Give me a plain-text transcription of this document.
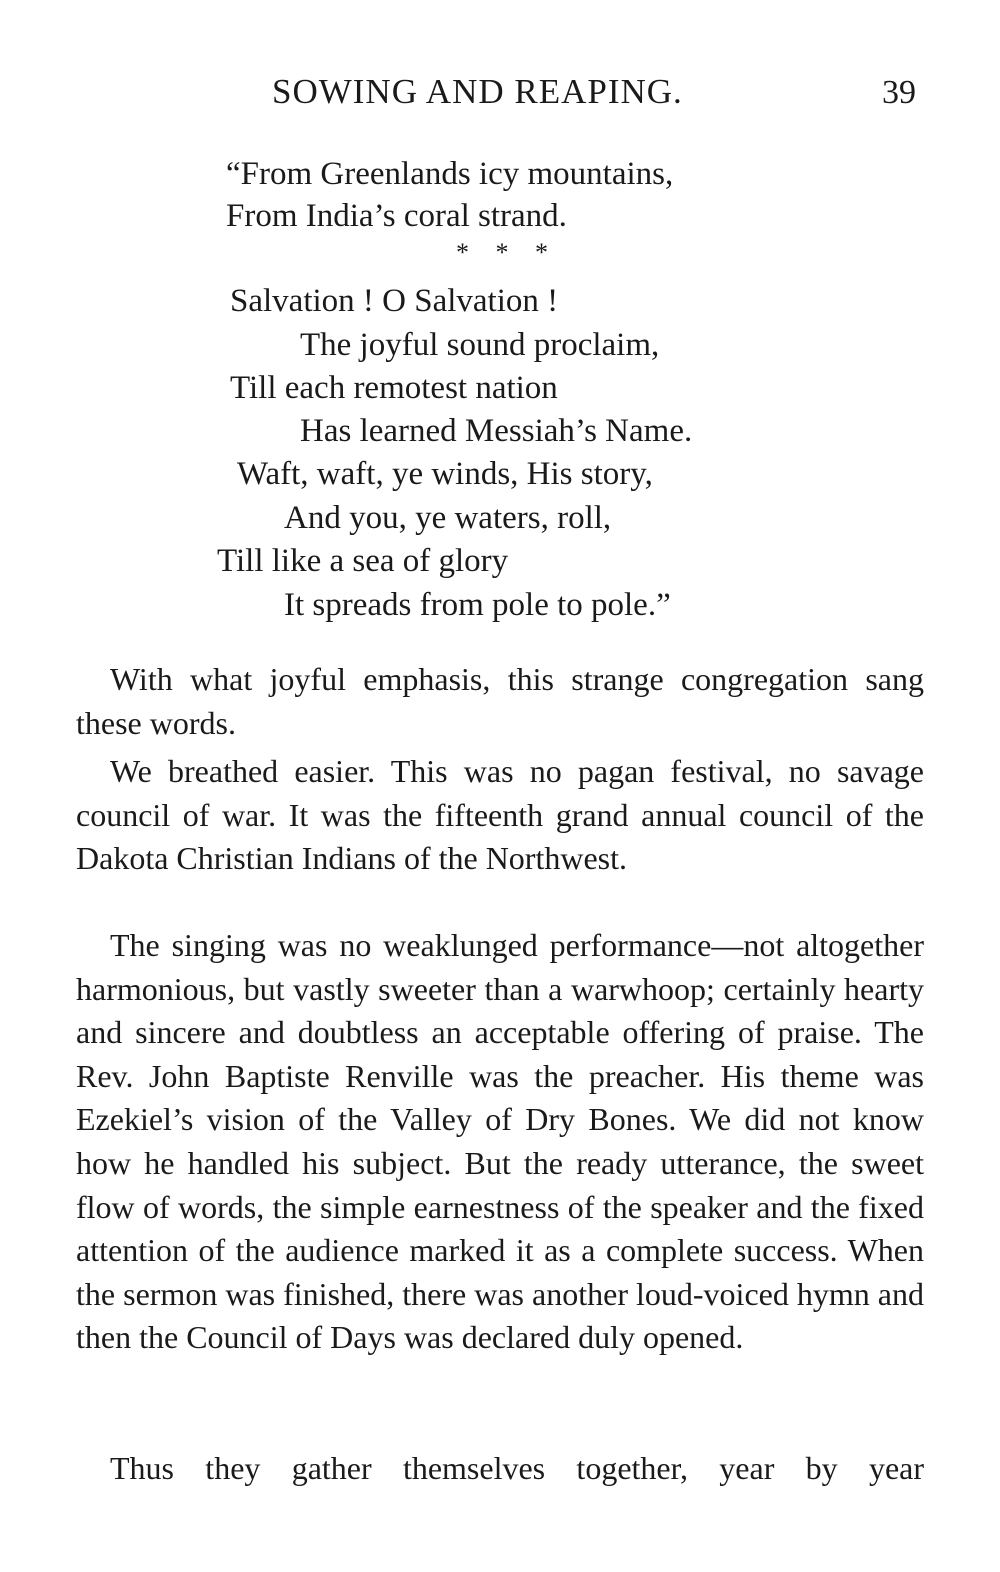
SOWING AND REAPING.	39
“From Greenlands icy mountains,
From India’s coral strand.
* * *
Salvation ! O Salvation !
The joyful sound proclaim,
Till each remotest nation
Has learned Messiah’s Name.
Waft, waft, ye winds, His story,
And you, ye waters, roll,
Till like a sea of glory
It spreads from pole to pole.”

With what joyful emphasis, this strange congregation sang these words.

We breathed easier. This was no pagan festival, no savage council of war. It was the fifteenth grand annual council of the Dakota Christian Indians of the Northwest.

The singing was no weaklunged performance—not altogether harmonious, but vastly sweeter than a warwhoop; certainly hearty and sincere and doubtless an acceptable offering of praise. The Rev. John Baptiste Renville was the preacher. His theme was Ezekiel’s vision of the Valley of Dry Bones. We did not know how he handled his subject. But the ready utterance, the sweet flow of words, the simple earnestness of the speaker and the fixed attention of the audience marked it as a complete success. When the sermon was finished, there was another loud-voiced hymn and then the Council of Days was declared duly opened.

Thus they gather themselves together, year by year
